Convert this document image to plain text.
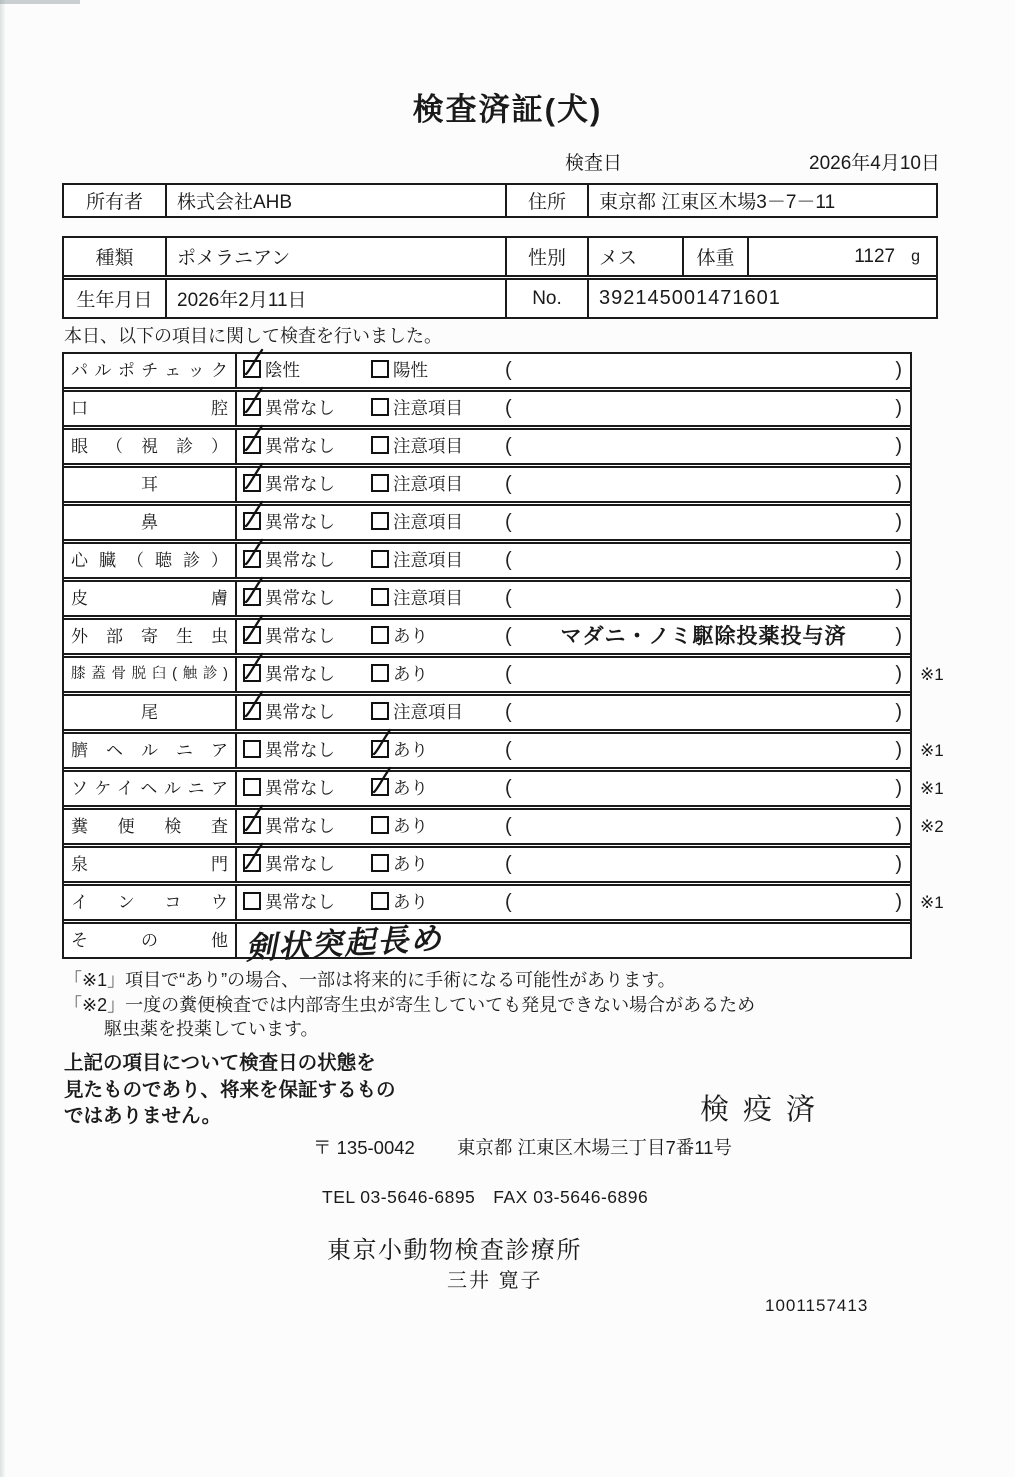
検査済証(犬)
検査日	2026年4月10日
所有者	株式会社AHB	住所	東京都 江東区木場3－7－11
種類	ポメラニアン	性別	メス	体重	1127 g
生年月日	2026年2月11日	No.	392145001471601
本日、以下の項目に関して検査を行いました。
パルポチェック	陰性	陽性	(	)
口腔	異常なし	注意項目 (	)
眼（視診）	異常なし	注意項目 (	)
耳	異常なし	注意項目 (	)
鼻	異常なし	注意項目 (	)
心臓（聴診）	異常なし	注意項目 (	)
皮膚	異常なし	注意項目 (	)
外部寄生虫	異常なし	あり	(	マダニ・ノミ駆除投薬投与済	)
膝蓋骨脱臼(触診)	異常なし	あり	(	) ※1
尾	異常なし	注意項目 (	)
臍ヘルニア	異常なし	あり	(	) ※1
ソケイヘルニア	異常なし	あり	(	) ※1
糞便検査	異常なし	あり	(	) ※2
泉門	異常なし	あり	(	)
インコウ	異常なし	あり	(	) ※1
その他 剣状突起長め
「※1」項目で“あり”の場合、一部は将来的に手術になる可能性があります。
「※2」一度の糞便検査では内部寄生虫が寄生していても発見できない場合があるため
駆虫薬を投薬しています。
上記の項目について検査日の状態を
見たものであり、将来を保証するもの
ではありません。	検疫済
〒 135-0042 東京都 江東区木場三丁目7番11号
TEL 03-5646-6895　FAX 03-5646-6896
東京小動物検査診療所
三井 寛子
1001157413
